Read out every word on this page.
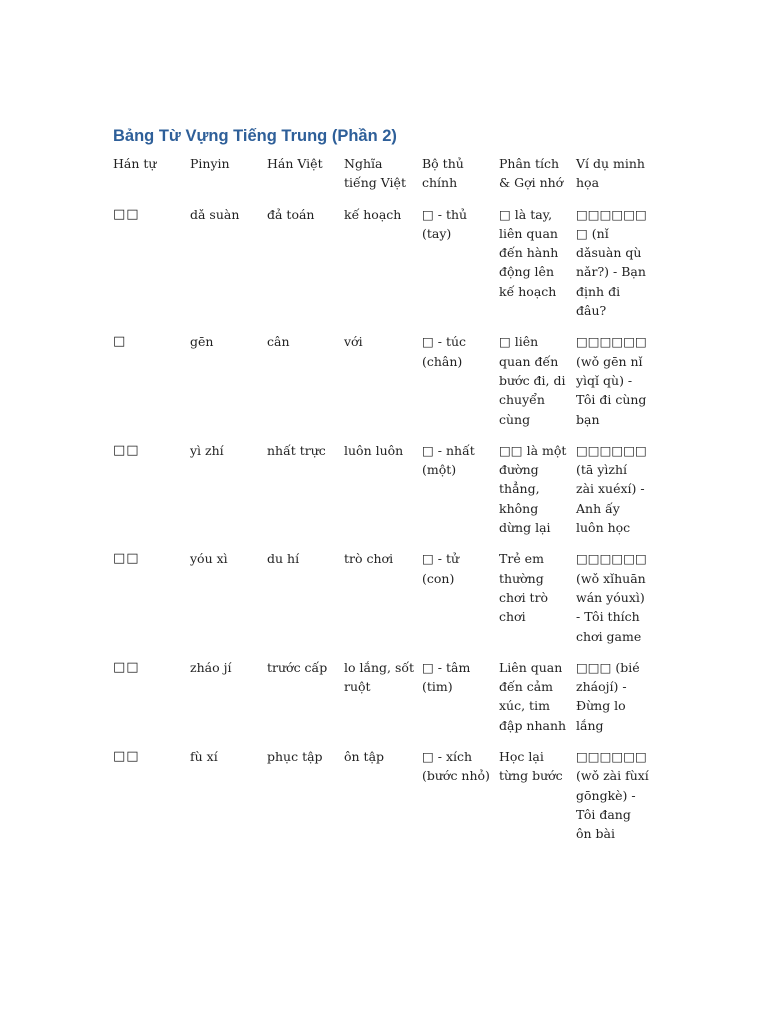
Bảng Từ Vựng Tiếng Trung (Phần 2)
Hán tự	Pinyin	Hán Việt	Nghĩa tiếng Việt	Bộ thủ chính	Phân tích & Gợi nhớ	Ví dụ minh họa
□□	dǎ suàn	đả toán	kế hoạch	□ - thủ (tay)	□ là tay, liên quan đến hành động lên kế hoạch	□□□□□□□ (nǐ dǎsuàn qù nǎr?) - Bạn định đi đâu?
□	gēn	cân	với	□ - túc (chân)	□ liên quan đến bước đi, di chuyển cùng	□□□□□□ (wǒ gēn nǐ yìqǐ qù) - Tôi đi cùng bạn
□□	yì zhí	nhất trực	luôn luôn	□ - nhất (một)	□□ là một đường thẳng, không dừng lại	□□□□□□ (tā yìzhí zài xuéxí) - Anh ấy luôn học
□□	yóu xì	du hí	trò chơi	□ - tử (con)	Trẻ em thường chơi trò chơi	□□□□□□ (wǒ xǐhuān wán yóuxì) - Tôi thích chơi game
□□	zháo jí	trước cấp	lo lắng, sốt ruột	□ - tâm (tim)	Liên quan đến cảm xúc, tim đập nhanh	□□□ (bié zháojí) - Đừng lo lắng
□□	fù xí	phục tập	ôn tập	□ - xích (bước nhỏ)	Học lại từng bước	□□□□□□ (wǒ zài fùxí gōngkè) - Tôi đang ôn bài
